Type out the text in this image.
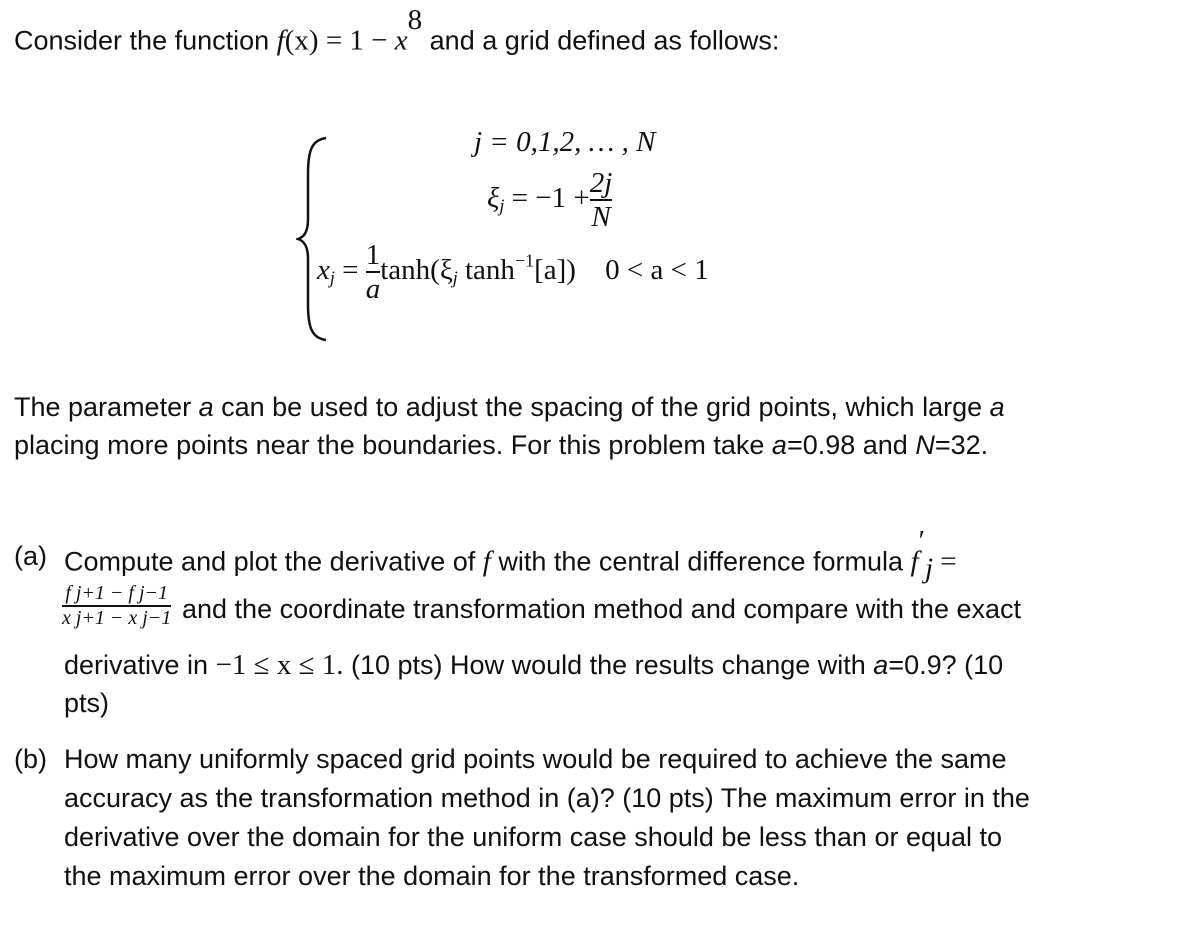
Consider the function $f(x) = 1 - x^8$ and a grid defined as follows:
j = 0,1,2, … , N
$\xi_j = -1 + \frac{2j}{N}$
$x_j = \frac{1}{a} \tanh(\xi_j$ $\tanh^{-1}[a]$) 0 < a < 1
The parameter a can be used to adjust the spacing of the grid points, which large a
placing more points near the boundaries. For this problem take a=0.98 and N=32.
(a) Compute and plot the derivative of f with the central difference formula $f'_j$ =
$\frac{\text{f j+1 − f j−1}}{\text{x j+1 − x j−1}}$ and the coordinate transformation method and compare with the exact
derivative in −1 ≤ x ≤ 1. (10 pts) How would the results change with a=0.9? (10
pts)
(b) How many uniformly spaced grid points would be required to achieve the same
accuracy as the transformation method in (a)? (10 pts) The maximum error in the
derivative over the domain for the uniform case should be less than or equal to
the maximum error over the domain for the transformed case.
